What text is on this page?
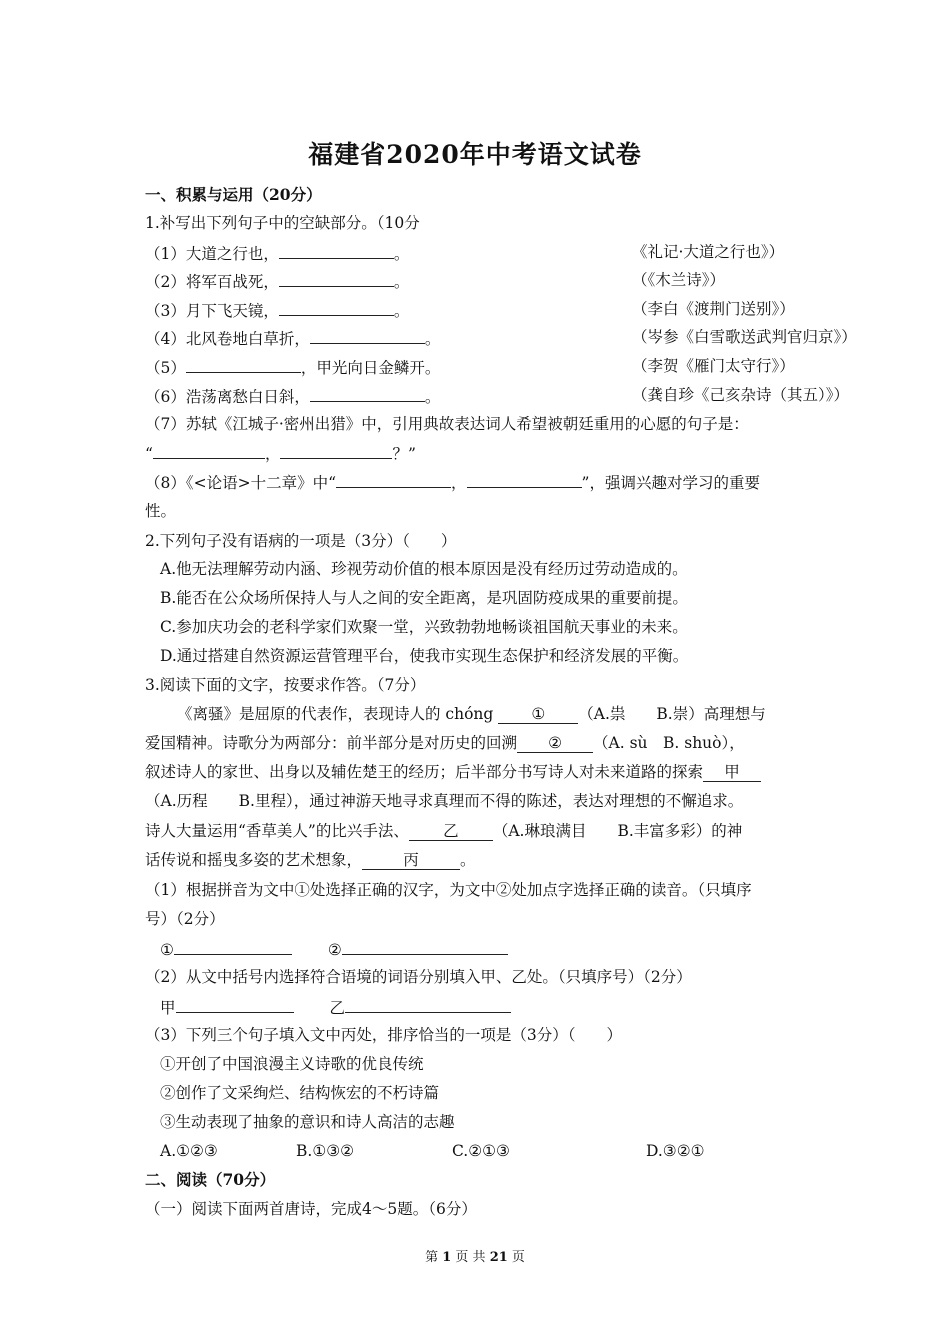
福建省2020年中考语文试卷
一、积累与运用（20分）
1.补写出下列句子中的空缺部分。（10分
（1）大道之行也，	。	《礼记·大道之行也》）
（2）将军百战死，	。	（《木兰诗》）
（3）月下飞天镜，	。	（李白《渡荆门送别》）
（4）北风卷地白草折，	。	（岑参《白雪歌送武判官归京》）
（5）	，甲光向日金鳞开。	（李贺《雁门太守行》）
（6）浩荡离愁白日斜，	。	（龚自珍《己亥杂诗（其五）》）
（7）苏轼《江城子·密州出猎》中，引用典故表达词人希望被朝廷重用的心愿的句子是：
“	，	？”
（8）《<论语>十二章》中“	，	”，强调兴趣对学习的重要
性。
2.下列句子没有语病的一项是（3分）（　　）
A.他无法理解劳动内涵、珍视劳动价值的根本原因是没有经历过劳动造成的。
B.能否在公众场所保持人与人之间的安全距离，是巩固防疫成果的重要前提。
C.参加庆功会的老科学家们欢聚一堂，兴致勃勃地畅谈祖国航天事业的未来。
D.通过搭建自然资源运营管理平台，使我市实现生态保护和经济发展的平衡。
3.阅读下面的文字，按要求作答。（7分）
《离骚》是屈原的代表作，表现诗人的 chóng ① （A.祟　　B.崇）高理想与
爱国精神。诗歌分为两部分：前半部分是对历史的回溯 ② （A. sù　B. shuò），
叙述诗人的家世、出身以及辅佐楚王的经历；后半部分书写诗人对未来道路的探索 甲
（A.历程　　B.里程），通过神游天地寻求真理而不得的陈述，表达对理想的不懈追求。
诗人大量运用“香草美人”的比兴手法、 乙 （A.琳琅满目　　B.丰富多彩）的神
话传说和摇曳多姿的艺术想象，	丙	。
（1）根据拼音为文中①处选择正确的汉字，为文中②处加点字选择正确的读音。（只填序
号）（2分）
①	②
（2）从文中括号内选择符合语境的词语分别填入甲、乙处。（只填序号）（2分）
甲	乙
（3）下列三个句子填入文中丙处，排序恰当的一项是（3分）（　　）
①开创了中国浪漫主义诗歌的优良传统
②创作了文采绚烂、结构恢宏的不朽诗篇
③生动表现了抽象的意识和诗人高洁的志趣
A.①②③	B.①③②	C.②①③	D.③②①
二、阅读（70分）
（一）阅读下面两首唐诗，完成4～5题。（6分）
第 1 页 共 21 页
